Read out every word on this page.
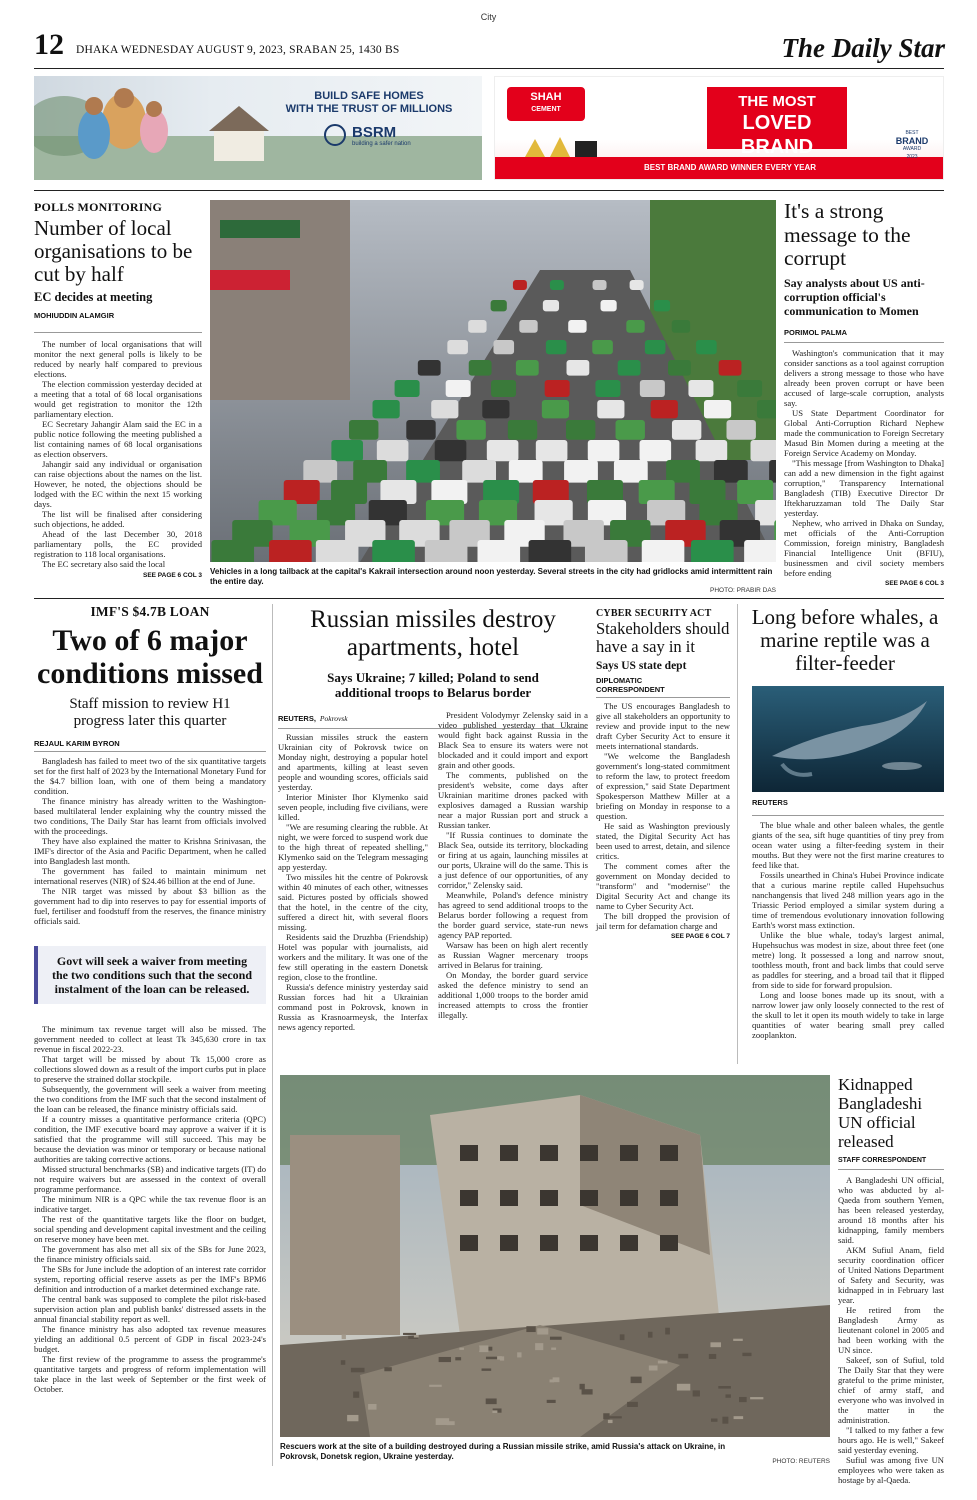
City
12 DHAKA WEDNESDAY AUGUST 9, 2023, SRABAN 25, 1430 BS	The Daily Star
BUILD SAFE HOMES
WITH THE TRUST OF MILLIONS
BSRM
building a safer nation
SHAH
CEMENT	THE MOST
LOVED BRAND
BEST BRAND AWARD WINNER EVERY YEAR
BEST
BRAND
AWARD
2023
POLLS MONITORING
Number of local organisations to be cut by half
EC decides at meeting
MOHIUDDIN ALAMGIR

The number of local organisations that will monitor the next general polls is likely to be reduced by nearly half compared to previous elections.

The election commission yesterday decided at a meeting that a total of 68 local organisations would get registration to monitor the 12th parliamentary election.

EC Secretary Jahangir Alam said the EC in a public notice following the meeting published a list containing names of 68 local organisations as election observers.

Jahangir said any individual or organisation can raise objections about the names on the list. However, he noted, the objections should be lodged with the EC within the next 15 working days.

The list will be finalised after considering such objections, he added.

Ahead of the last December 30, 2018 parliamentary polls, the EC provided registration to 118 local organisations.

The EC secretary also said the local

SEE PAGE 6 COL 3 Vehicles in a long tailback at the capital's Kakrail intersection around noon yesterday. Several streets in the city had gridlocks amid intermittent rain the entire day.
PHOTO: PRABIR DAS
It's a strong message to the corrupt
Say analysts about US anti-corruption official's communication to Momen
PORIMOL PALMA

Washington's communication that it may consider sanctions as a tool against corruption delivers a strong message to those who have already been proven corrupt or have been accused of large-scale corruption, analysts say.

US State Department Coordinator for Global Anti-Corruption Richard Nephew made the communication to Foreign Secretary Masud Bin Momen during a meeting at the Foreign Service Academy on Monday.

"This message [from Washington to Dhaka] can add a new dimension in the fight against corruption," Transparency International Bangladesh (TIB) Executive Director Dr Iftekharuzzaman told The Daily Star yesterday.

Nephew, who arrived in Dhaka on Sunday, met officials of the Anti-Corruption Commission, foreign ministry, Bangladesh Financial Intelligence Unit (BFIU), businessmen and civil society members before ending

SEE PAGE 6 COL 3
IMF'S $4.7B LOAN
Two of 6 major conditions missed
Staff mission to review H1 progress later this quarter
REJAUL KARIM BYRON

Bangladesh has failed to meet two of the six quantitative targets set for the first half of 2023 by the International Monetary Fund for the $4.7 billion loan, with one of them being a mandatory condition.

The finance ministry has already written to the Washington-based multilateral lender explaining why the country missed the two conditions, The Daily Star has learnt from officials involved with the proceedings.

They have also explained the matter to Krishna Srinivasan, the IMF's director of the Asia and Pacific Department, when he called into Bangladesh last month.

The government has failed to maintain minimum net international reserves (NIR) of $24.46 billion at the end of June.

The NIR target was missed by about $3 billion as the government had to dip into reserves to pay for essential imports of fuel, fertiliser and foodstuff from the reserves, the finance ministry officials said.

Govt will seek a waiver from meeting the two conditions such that the second instalment of the loan can be released.

The minimum tax revenue target will also be missed. The government needed to collect at least Tk 345,630 crore in tax revenue in fiscal 2022-23.

That target will be missed by about Tk 15,000 crore as collections slowed down as a result of the import curbs put in place to preserve the strained dollar stockpile.

Subsequently, the government will seek a waiver from meeting the two conditions from the IMF such that the second instalment of the loan can be released, the finance ministry officials said.

If a country misses a quantitative performance criteria (QPC) condition, the IMF executive board may approve a waiver if it is satisfied that the programme will still succeed. This may be because the deviation was minor or temporary or because national authorities are taking corrective actions.

Missed structural benchmarks (SB) and indicative targets (IT) do not require waivers but are assessed in the context of overall programme performance.

The minimum NIR is a QPC while the tax revenue floor is an indicative target.

The rest of the quantitative targets like the floor on budget, social spending and development capital investment and the ceiling on reserve money have been met.

The government has also met all six of the SBs for June 2023, the finance ministry officials said.

The SBs for June include the adoption of an interest rate corridor system, reporting official reserve assets as per the IMF's BPM6 definition and introduction of a market determined exchange rate.

The central bank was supposed to complete the pilot risk-based supervision action plan and publish banks' distressed assets in the annual financial stability report as well.

The finance ministry has also adopted tax revenue measures yielding an additional 0.5 percent of GDP in fiscal 2023-24's budget.

The first review of the programme to assess the programme's quantitative targets and progress of reform implementation will take place in the last week of September or the first week of October.

Russian missiles destroy apartments, hotel
Says Ukraine; 7 killed; Poland to send additional troops to Belarus border
REUTERS, Pokrovsk

Russian missiles struck the eastern Ukrainian city of Pokrovsk twice on Monday night, destroying a popular hotel and apartments, killing at least seven people and wounding scores, officials said yesterday.

Interior Minister Ihor Klymenko said seven people, including five civilians, were killed.

"We are resuming clearing the rubble. At night, we were forced to suspend work due to the high threat of repeated shelling," Klymenko said on the Telegram messaging app yesterday.

Two missiles hit the centre of Pokrovsk within 40 minutes of each other, witnesses said. Pictures posted by officials showed that the hotel, in the centre of the city, suffered a direct hit, with several floors missing.

Residents said the Druzhba (Friendship) Hotel was popular with journalists, aid workers and the military. It was one of the few still operating in the eastern Donetsk region, close to the frontline.

Russia's defence ministry yesterday said Russian forces had hit a Ukrainian command post in Pokrovsk, known in Russia as Krasnoarmeysk, the Interfax news agency reported.

President Volodymyr Zelensky said in a video published yesterday that Ukraine would fight back against Russia in the Black Sea to ensure its waters were not blockaded and it could import and export grain and other goods.

The comments, published on the president's website, come days after Ukrainian maritime drones packed with explosives damaged a Russian warship near a major Russian port and struck a Russian tanker.

"If Russia continues to dominate the Black Sea, outside its territory, blockading or firing at us again, launching missiles at our ports, Ukraine will do the same. This is a just defence of our opportunities, of any corridor," Zelensky said.

Meanwhile, Poland's defence ministry has agreed to send additional troops to the Belarus border following a request from the border guard service, state-run news agency PAP reported.

Warsaw has been on high alert recently as Russian Wagner mercenary troops arrived in Belarus for training.

On Monday, the border guard service asked the defence ministry to send an additional 1,000 troops to the border amid increased attempts to cross the frontier illegally.

CYBER SECURITY ACT
Stakeholders should have a say in it
Says US state dept
DIPLOMATIC
CORRESPONDENT

The US encourages Bangladesh to give all stakeholders an opportunity to review and provide input to the new draft Cyber Security Act to ensure it meets international standards.

"We welcome the Bangladesh government's long-stated commitment to reform the law, to protect freedom of expression," said State Department Spokesperson Matthew Miller at a briefing on Monday in response to a question.

He said as Washington previously stated, the Digital Security Act has been used to arrest, detain, and silence critics.

The comment comes after the government on Monday decided to "transform" and "modernise" the Digital Security Act and change its name to Cyber Security Act.

The bill dropped the provision of jail term for defamation charge and

SEE PAGE 6 COL 7
Long before whales, a marine reptile was a filter-feeder
REUTERS

The blue whale and other baleen whales, the gentle giants of the sea, sift huge quantities of tiny prey from ocean water using a filter-feeding system in their mouths. But they were not the first marine creatures to feed like that.

Fossils unearthed in China's Hubei Province indicate that a curious marine reptile called Hupehsuchus nanchangensis that lived 248 million years ago in the Triassic Period employed a similar system during a time of tremendous evolutionary innovation following Earth's worst mass extinction.

Unlike the blue whale, today's largest animal, Hupehsuchus was modest in size, about three feet (one metre) long. It possessed a long and narrow snout, toothless mouth, front and back limbs that could serve as paddles for steering, and a broad tail that it flipped from side to side for forward propulsion.

Long and loose bones made up its snout, with a narrow lower jaw only loosely connected to the rest of the skull to let it open its mouth widely to take in large quantities of water bearing small prey called zooplankton.

Rescuers work at the site of a building destroyed during a Russian missile strike, amid Russia's attack on Ukraine, in Pokrovsk, Donetsk region, Ukraine yesterday.
PHOTO: REUTERS
Kidnapped Bangladeshi UN official released
STAFF CORRESPONDENT

A Bangladeshi UN official, who was abducted by al-Qaeda from southern Yemen, has been released yesterday, around 18 months after his kidnapping, family members said.

AKM Sufiul Anam, field security coordination officer of United Nations Department of Safety and Security, was kidnapped in in February last year.

He retired from the Bangladesh Army as lieutenant colonel in 2005 and had been working with the UN since.

Sakeef, son of Sufiul, told The Daily Star that they were grateful to the prime minister, chief of army staff, and everyone who was involved in the matter in the administration.

"I talked to my father a few hours ago. He is well," Sakeef said yesterday evening.

Sufiul was among five UN employees who were taken as hostage by al-Qaeda.
